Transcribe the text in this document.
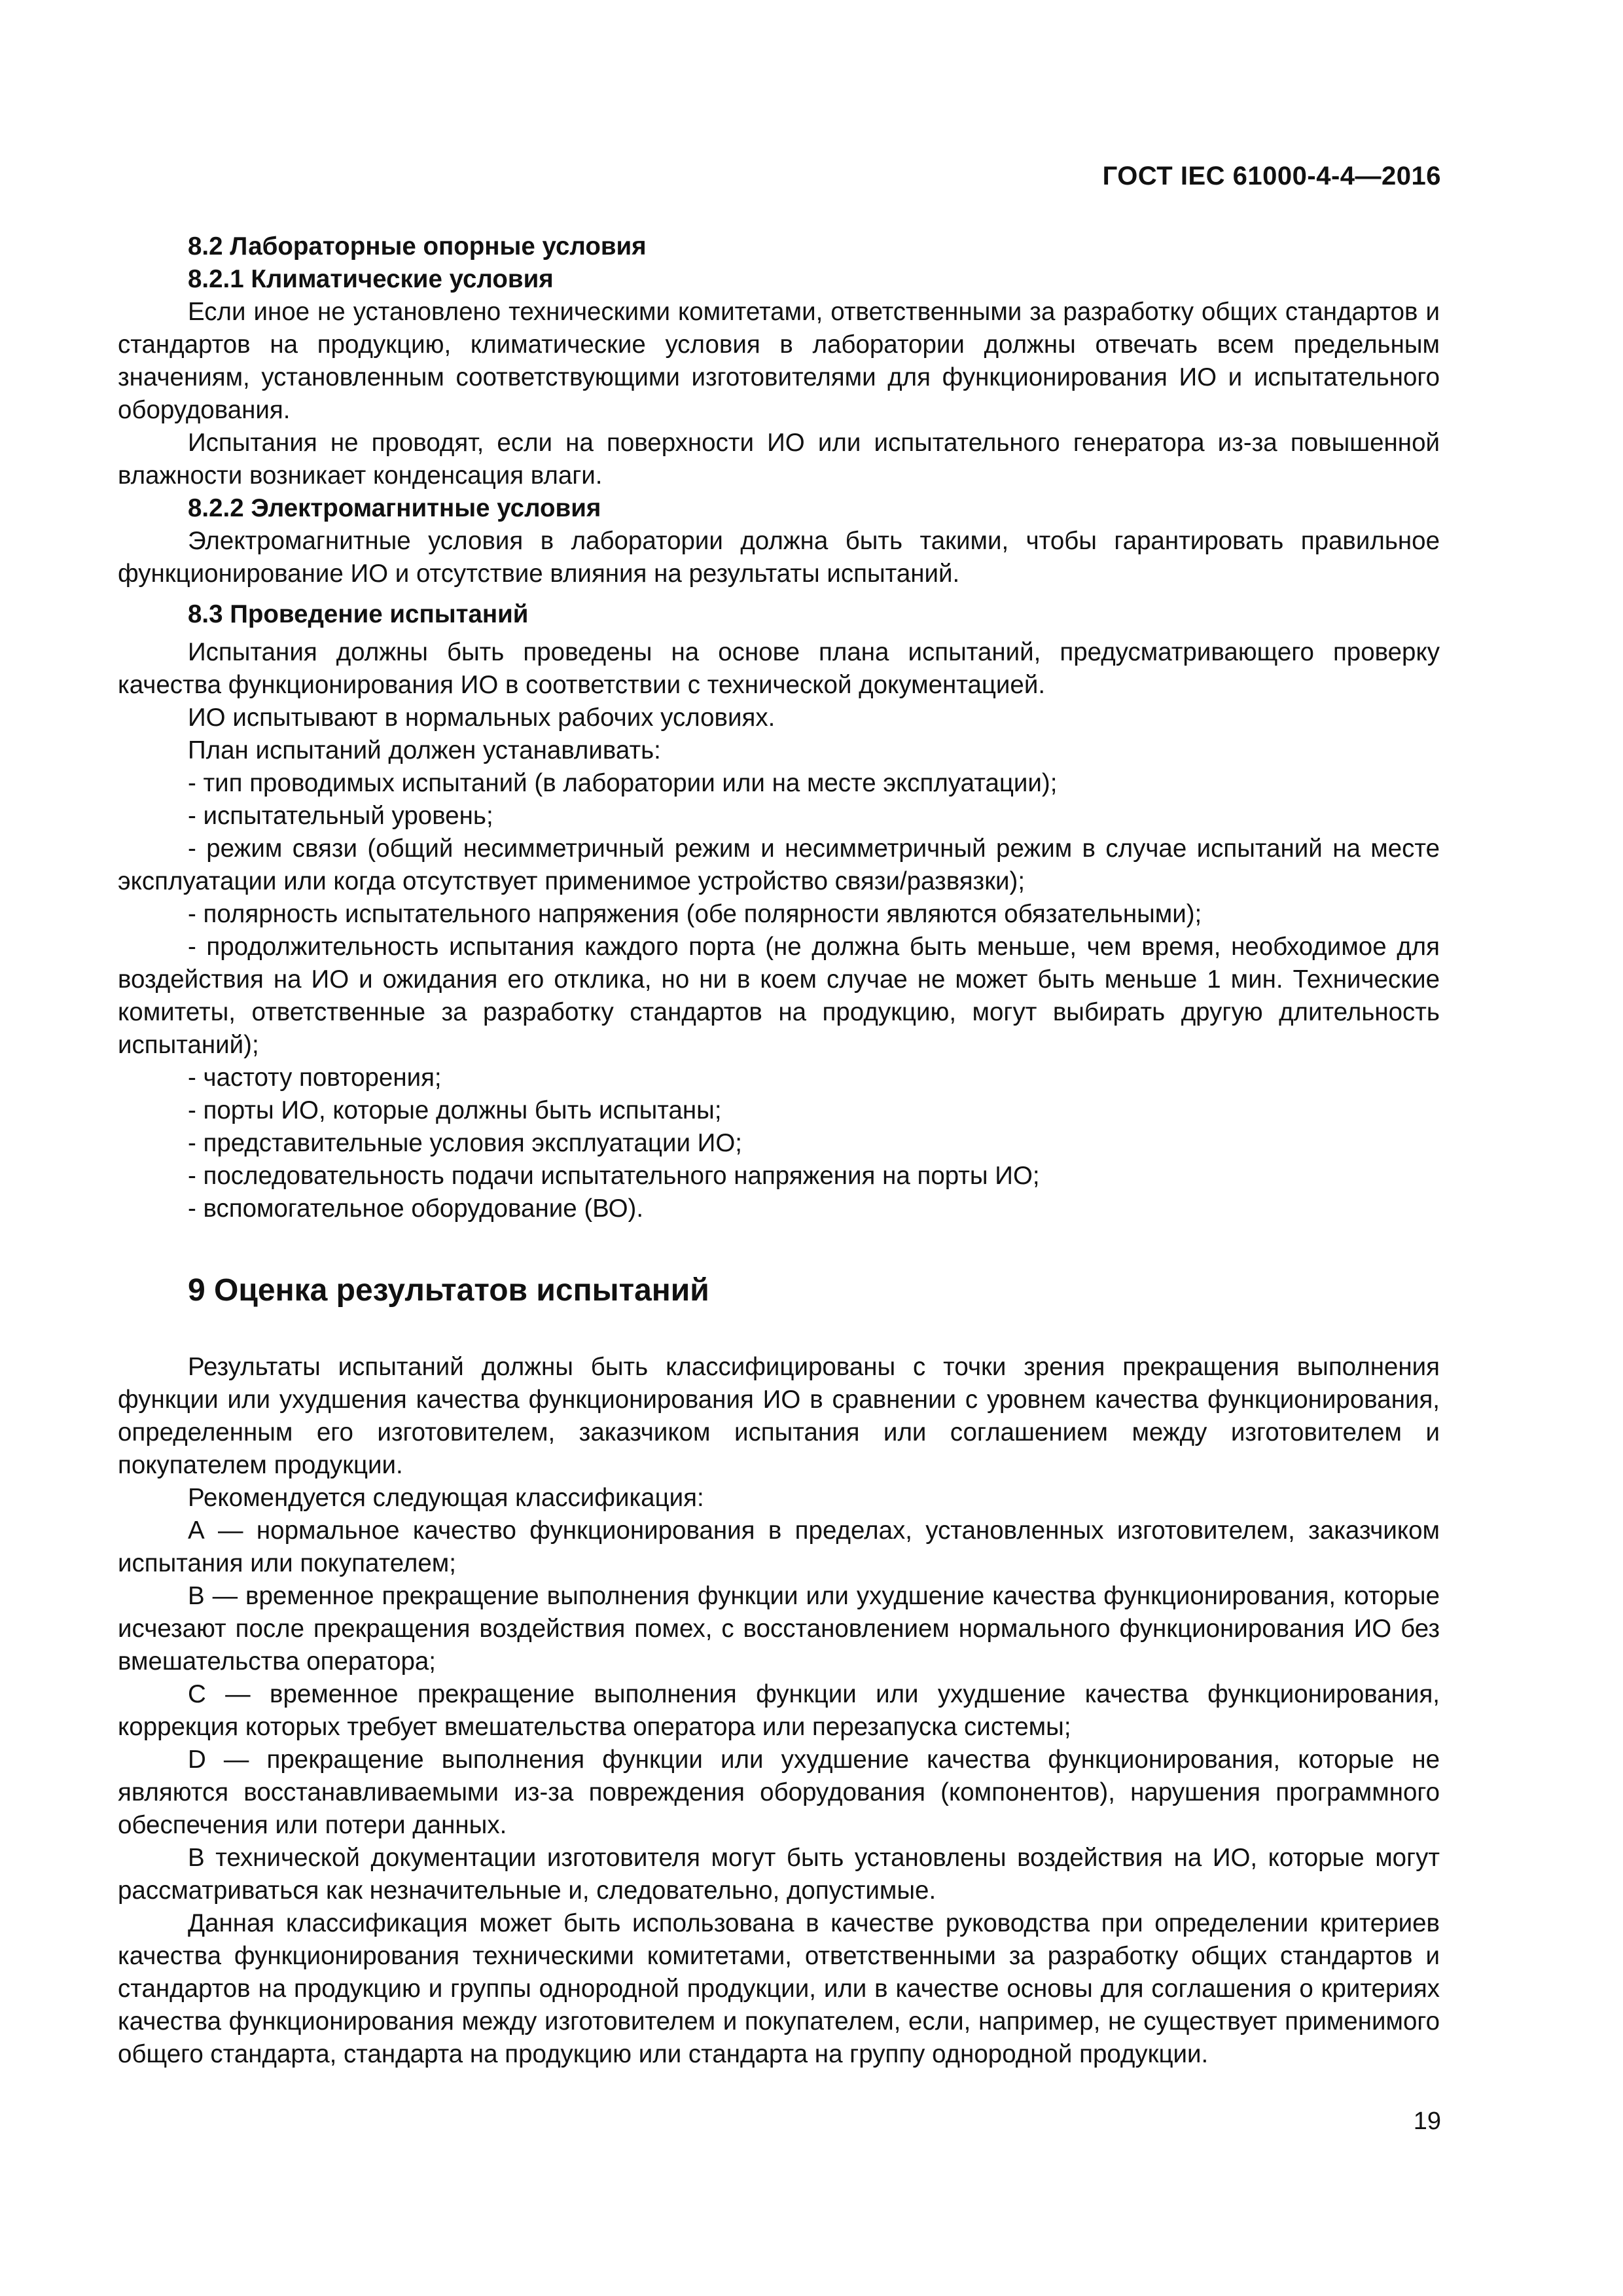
ГОСТ IEC 61000-4-4—2016
8.2 Лабораторные опорные условия
8.2.1 Климатические условия

Если иное не установлено техническими комитетами, ответственными за разработку общих стандартов и стандартов на продукцию, климатические условия в лаборатории должны отвечать всем предельным значениям, установленным соответствующими изготовителями для функционирования ИО и испытательного оборудования.

Испытания не проводят, если на поверхности ИО или испытательного генератора из-за повышенной влажности возникает конденсация влаги.

8.2.2 Электромагнитные условия

Электромагнитные условия в лаборатории должна быть такими, чтобы гарантировать правильное функционирование ИО и отсутствие влияния на результаты испытаний.

8.3 Проведение испытаний

Испытания должны быть проведены на основе плана испытаний, предусматривающего проверку качества функционирования ИО в соответствии с технической документацией.

ИО испытывают в нормальных рабочих условиях.

План испытаний должен устанавливать:

- тип проводимых испытаний (в лаборатории или на месте эксплуатации);

- испытательный уровень;

- режим связи (общий несимметричный режим и несимметричный режим в случае испытаний на месте эксплуатации или когда отсутствует применимое устройство связи/развязки);

- полярность испытательного напряжения (обе полярности являются обязательными);

- продолжительность испытания каждого порта (не должна быть меньше, чем время, необходимое для воздействия на ИО и ожидания его отклика, но ни в коем случае не может быть меньше 1 мин. Технические комитеты, ответственные за разработку стандартов на продукцию, могут выбирать другую длительность испытаний);

- частоту повторения;

- порты ИО, которые должны быть испытаны;

- представительные условия эксплуатации ИО;

- последовательность подачи испытательного напряжения на порты ИО;

- вспомогательное оборудование (ВО).

9 Оценка результатов испытаний

Результаты испытаний должны быть классифицированы с точки зрения прекращения выполнения функции или ухудшения качества функционирования ИО в сравнении с уровнем качества функционирования, определенным его изготовителем, заказчиком испытания или соглашением между изготовителем и покупателем продукции.

Рекомендуется следующая классификация:

А — нормальное качество функционирования в пределах, установленных изготовителем, заказчиком испытания или покупателем;

В — временное прекращение выполнения функции или ухудшение качества функционирования, которые исчезают после прекращения воздействия помех, с восстановлением нормального функционирования ИО без вмешательства оператора;

С — временное прекращение выполнения функции или ухудшение качества функционирования, коррекция которых требует вмешательства оператора или перезапуска системы;

D — прекращение выполнения функции или ухудшение качества функционирования, которые не являются восстанавливаемыми из-за повреждения оборудования (компонентов), нарушения программного обеспечения или потери данных.

В технической документации изготовителя могут быть установлены воздействия на ИО, которые могут рассматриваться как незначительные и, следовательно, допустимые.

Данная классификация может быть использована в качестве руководства при определении критериев качества функционирования техническими комитетами, ответственными за разработку общих стандартов и стандартов на продукцию и группы однородной продукции, или в качестве основы для соглашения о критериях качества функционирования между изготовителем и покупателем, если, например, не существует применимого общего стандарта, стандарта на продукцию или стандарта на группу однородной продукции.

19
